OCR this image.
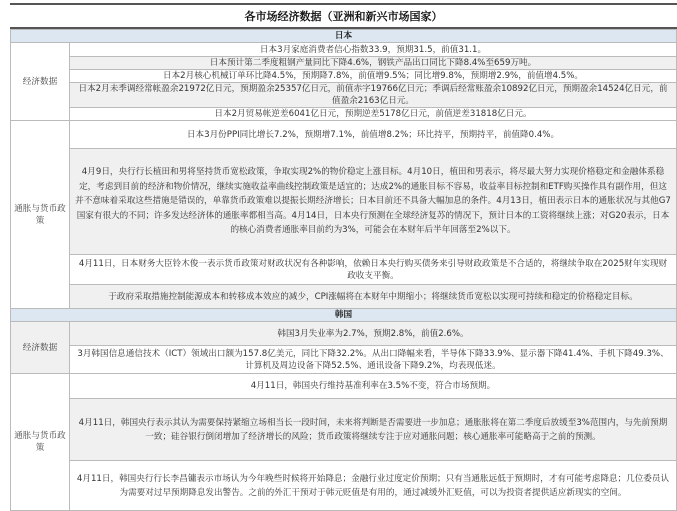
各市场经济数据（亚洲和新兴市场国家）
日本	
经济数据	日本3月家庭消费者信心指数33.9，预期31.5，前值31.1。
	日本预计第二季度粗钢产量同比下降4.6%，钢铁产品出口同比下降8.4%至659万吨。
	日本2月核心机械订单环比降4.5%，预期降7.8%，前值增9.5%；同比增9.8%，预期增2.9%，前值增4.5%。
	日本2月未季调经常帐盈余21972亿日元，预期盈余25357亿日元，前值赤字19766亿日元；季调后经常账盈余10892亿日元，预期盈余14524亿日元，前值盈余2163亿日元。
	日本2月贸易帐逆差6041亿日元，预期逆差5178亿日元，前值逆差31818亿日元。
通胀与货币政策	日本3月份PPI同比增长7.2%，预期增7.1%，前值增8.2%；环比持平，预期持平，前值降0.4%。
	4月9日，央行行长植田和男将坚持货币宽松政策，争取实现2%的物价稳定上涨目标。4月10日，植田和男表示，将尽最大努力实现价格稳定和金融体系稳定，考虑到目前的经济和物价情况，继续实施收益率曲线控制政策是适宜的；达成2%的通胀目标不容易，收益率目标控制和ETF购买操作具有副作用，但这并不意味着采取这些措施是错误的，单靠货币政策难以提振长期经济增长；日本目前还不具备大幅加息的条件。4月13日，植田表示日本的通胀状况与其他G7国家有很大的不同；许多发达经济体的通胀率都相当高。4月14日，日本央行预测在全球经济复苏的情况下，预计日本的工资将继续上涨；对G20表示，日本的核心消费者通胀率目前约为3%，可能会在本财年后半年回落至2%以下。
	4月11日，日本财务大臣铃木俊一表示货币政策对财政状况有各种影响，依赖日本央行购买债务来引导财政政策是不合适的，将继续争取在2025财年实现财政收支平衡。
	于政府采取措施控制能源成本和转移成本效应的减少，CPI涨幅将在本财年中期缩小；将继续货币宽松以实现可持续和稳定的价格稳定目标。
韩国	
经济数据	韩国3月失业率为2.7%，预期2.8%，前值2.6%。
	3月韩国信息通信技术（ICT）领域出口额为157.8亿美元，同比下降32.2%。从出口降幅来看，半导体下降33.9%、显示器下降41.4%、手机下降49.3%、计算机及周边设备下降52.5%、通讯设备下降9.2%，均表现低迷。
通胀与货币政策	4月11日，韩国央行维持基准利率在3.5%不变，符合市场预期。
	4月11日，韩国央行表示其认为需要保持紧缩立场相当长一段时间，未来将判断是否需要进一步加息；通胀胀将在第二季度后放缓至3%范围内，与先前预期一致；硅谷银行倒闭增加了经济增长的风险；货币政策将继续专注于应对通胀问题；核心通胀率可能略高于之前的预测。
	4月11日，韩国央行行长李昌镛表示市场认为今年晚些时候将开始降息；金融行业过度定价预期；只有当通胀远低于预期时，才有可能考虑降息；几位委员认为需要对过早预期降息发出警告。之前的外汇干预对于韩元贬值是有用的，通过减缓外汇贬值，可以为投资者提供适应新现实的空间。
